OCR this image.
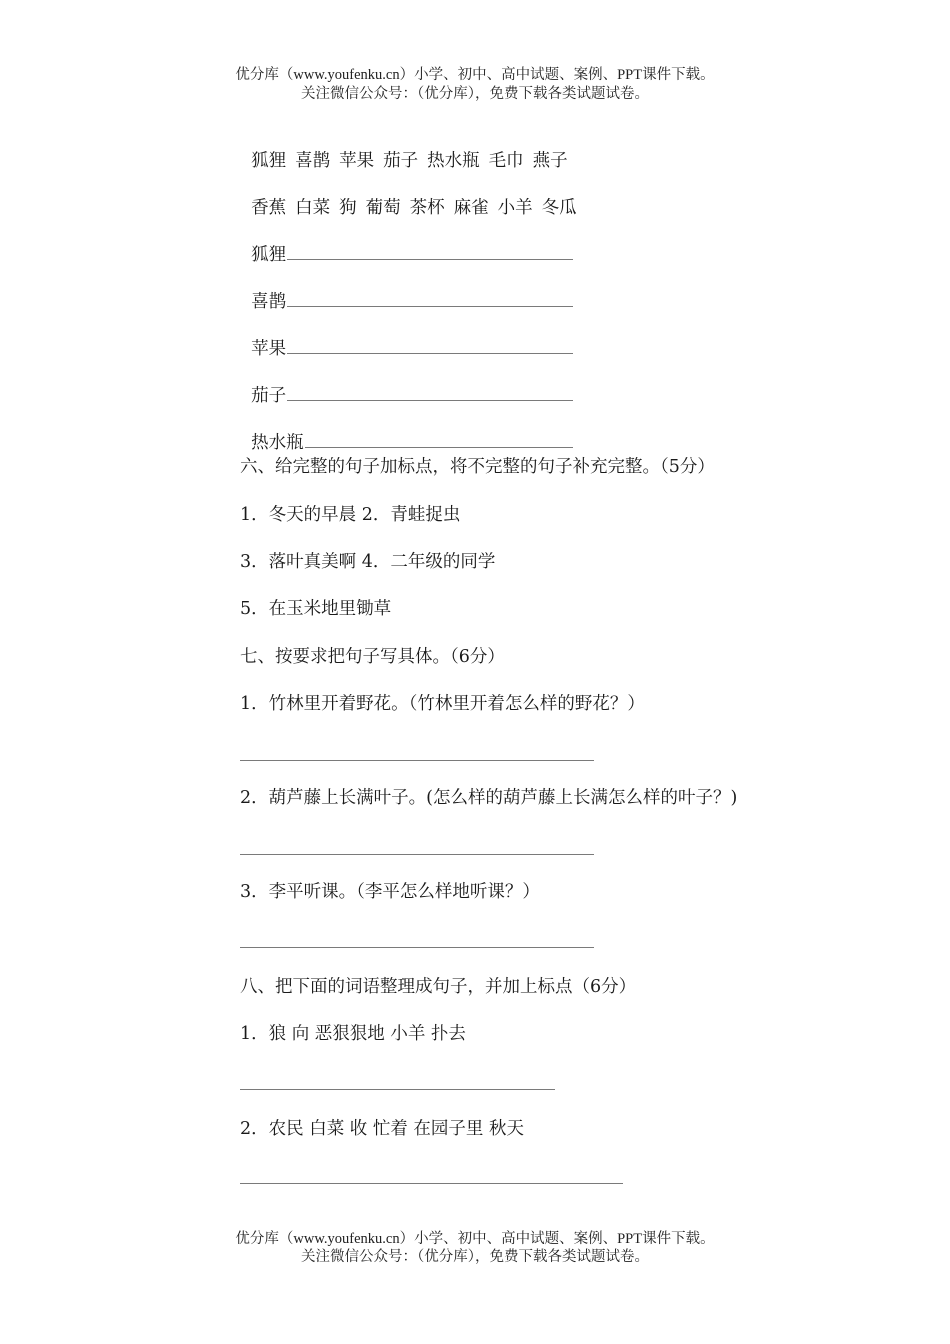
优分库（www.youfenku.cn）小学、初中、高中试题、案例、PPT课件下载。
关注微信公众号：（优分库），免费下载各类试题试卷。

狐狸 喜鹊 苹果 茄子 热水瓶 毛巾 燕子

香蕉 白菜 狗 葡萄 茶杯 麻雀 小羊 冬瓜

狐狸

喜鹊

苹果

茄子

热水瓶

六、给完整的句子加标点，将不完整的句子补充完整。（5分）
1．冬天的早晨 2．青蛙捉虫
3．落叶真美啊 4．二年级的同学
5．在玉米地里锄草
七、按要求把句子写具体。（6分）
1．竹林里开着野花。（竹林里开着怎么样的野花？）
2．葫芦藤上长满叶子。(怎么样的葫芦藤上长满怎么样的叶子？)
3．李平听课。（李平怎么样地听课？）
八、把下面的词语整理成句子，并加上标点（6分）
1．狼 向 恶狠狠地 小羊 扑去
2．农民 白菜 收 忙着 在园子里 秋天
优分库（www.youfenku.cn）小学、初中、高中试题、案例、PPT课件下载。
关注微信公众号：（优分库），免费下载各类试题试卷。
